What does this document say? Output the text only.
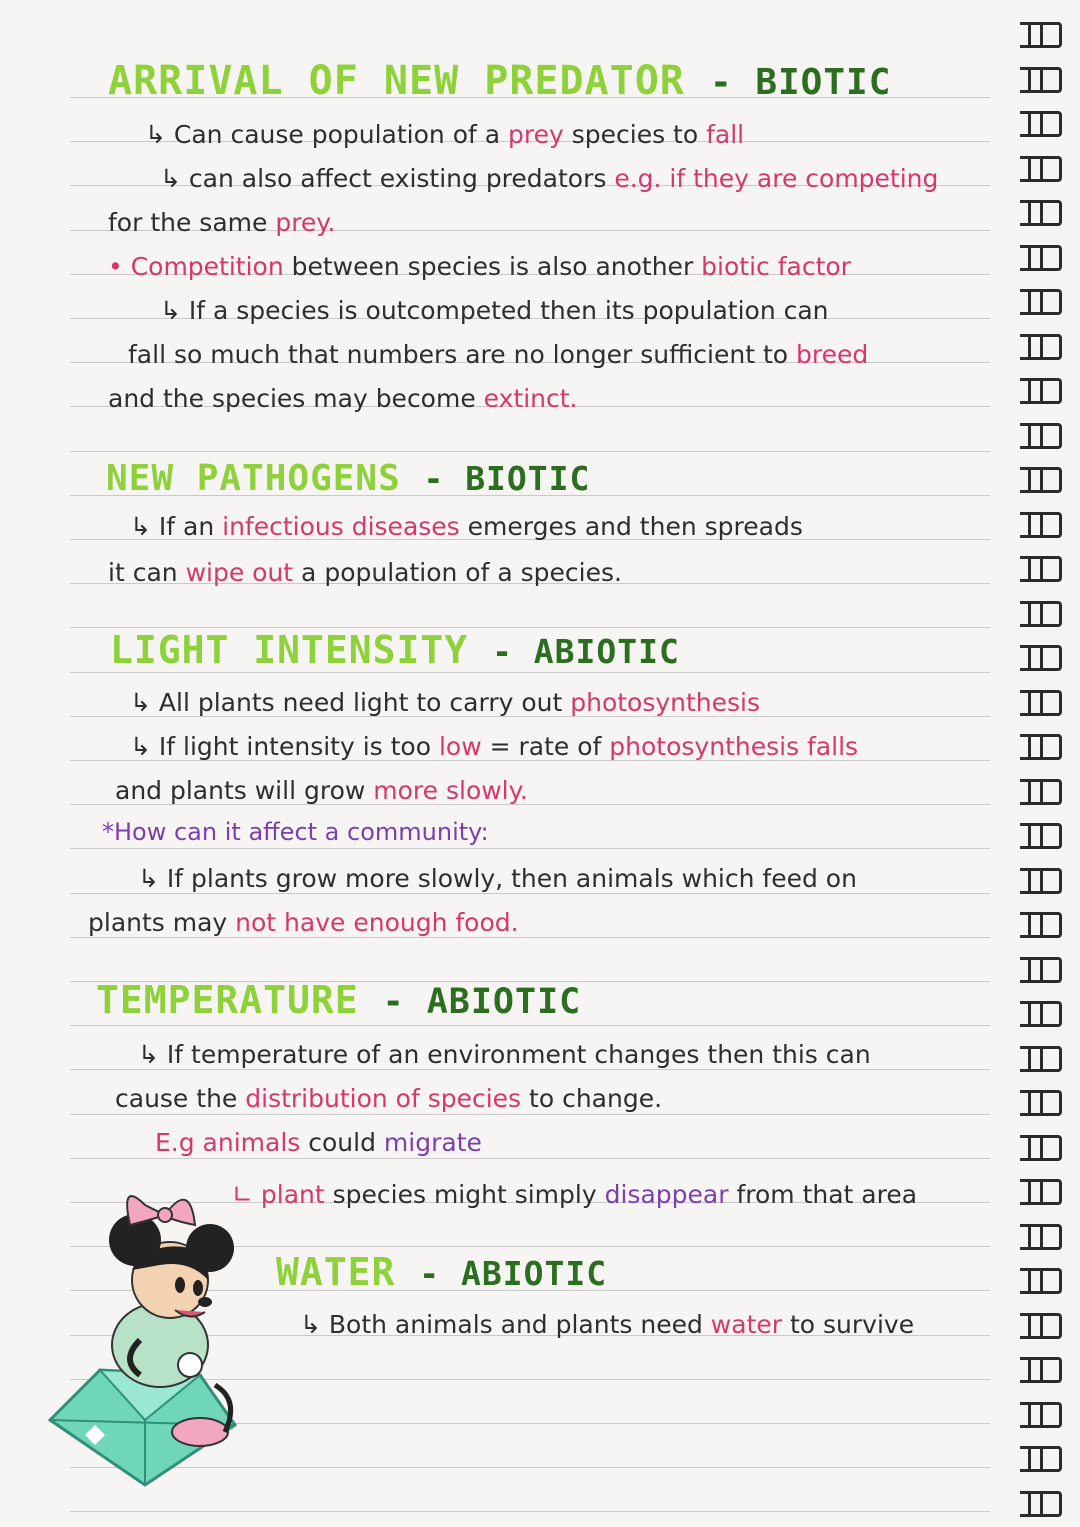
ARRIVAL OF NEW PREDATOR - BIOTIC

↳ Can cause population of a prey species to fall

↳ can also affect existing predators e.g. if they are competing

for the same prey.

• Competition between species is also another biotic factor

↳ If a species is outcompeted then its population can

fall so much that numbers are no longer sufficient to breed

and the species may become extinct.

NEW PATHOGENS - BIOTIC

↳ If an infectious diseases emerges and then spreads

it can wipe out a population of a species.

LIGHT INTENSITY - ABIOTIC

↳ All plants need light to carry out photosynthesis

↳ If light intensity is too low = rate of photosynthesis falls

and plants will grow more slowly.

*How can it affect a community:

↳ If plants grow more slowly, then animals which feed on

plants may not have enough food.

TEMPERATURE - ABIOTIC

↳ If temperature of an environment changes then this can

cause the distribution of species to change.

E.g animals could migrate

∟ plant species might simply disappear from that area

WATER - ABIOTIC

↳ Both animals and plants need water to survive
